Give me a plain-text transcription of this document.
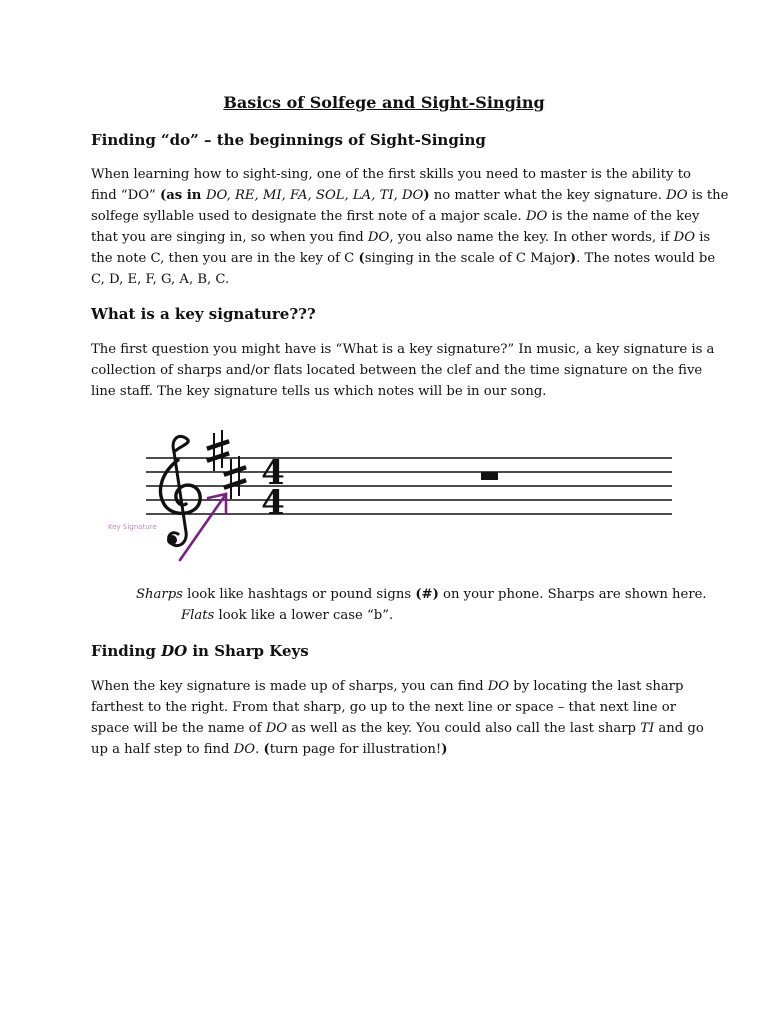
Basics of Solfege and Sight-Singing
Finding “do” – the beginnings of Sight-Singing
When learning how to sight-sing, one of the first skills you need to master is the ability to
find “DO” (as in DO, RE, MI, FA, SOL, LA, TI, DO) no matter what the key signature. DO is the
solfege syllable used to designate the first note of a major scale. DO is the name of the key
that you are singing in, so when you find DO, you also name the key. In other words, if DO is
the note C, then you are in the key of C (singing in the scale of C Major). The notes would be
C, D, E, F, G, A, B, C.
What is a key signature???
The first question you might have is “What is a key signature?” In music, a key signature is a
collection of sharps and/or flats located between the clef and the time signature on the five
line staff. The key signature tells us which notes will be in our song.
4
4
Key Signature
Sharps look like hashtags or pound signs (#) on your phone. Sharps are shown here.
Flats look like a lower case “b”.
Finding DO in Sharp Keys
When the key signature is made up of sharps, you can find DO by locating the last sharp
farthest to the right. From that sharp, go up to the next line or space – that next line or
space will be the name of DO as well as the key. You could also call the last sharp TI and go
up a half step to find DO. (turn page for illustration!)
